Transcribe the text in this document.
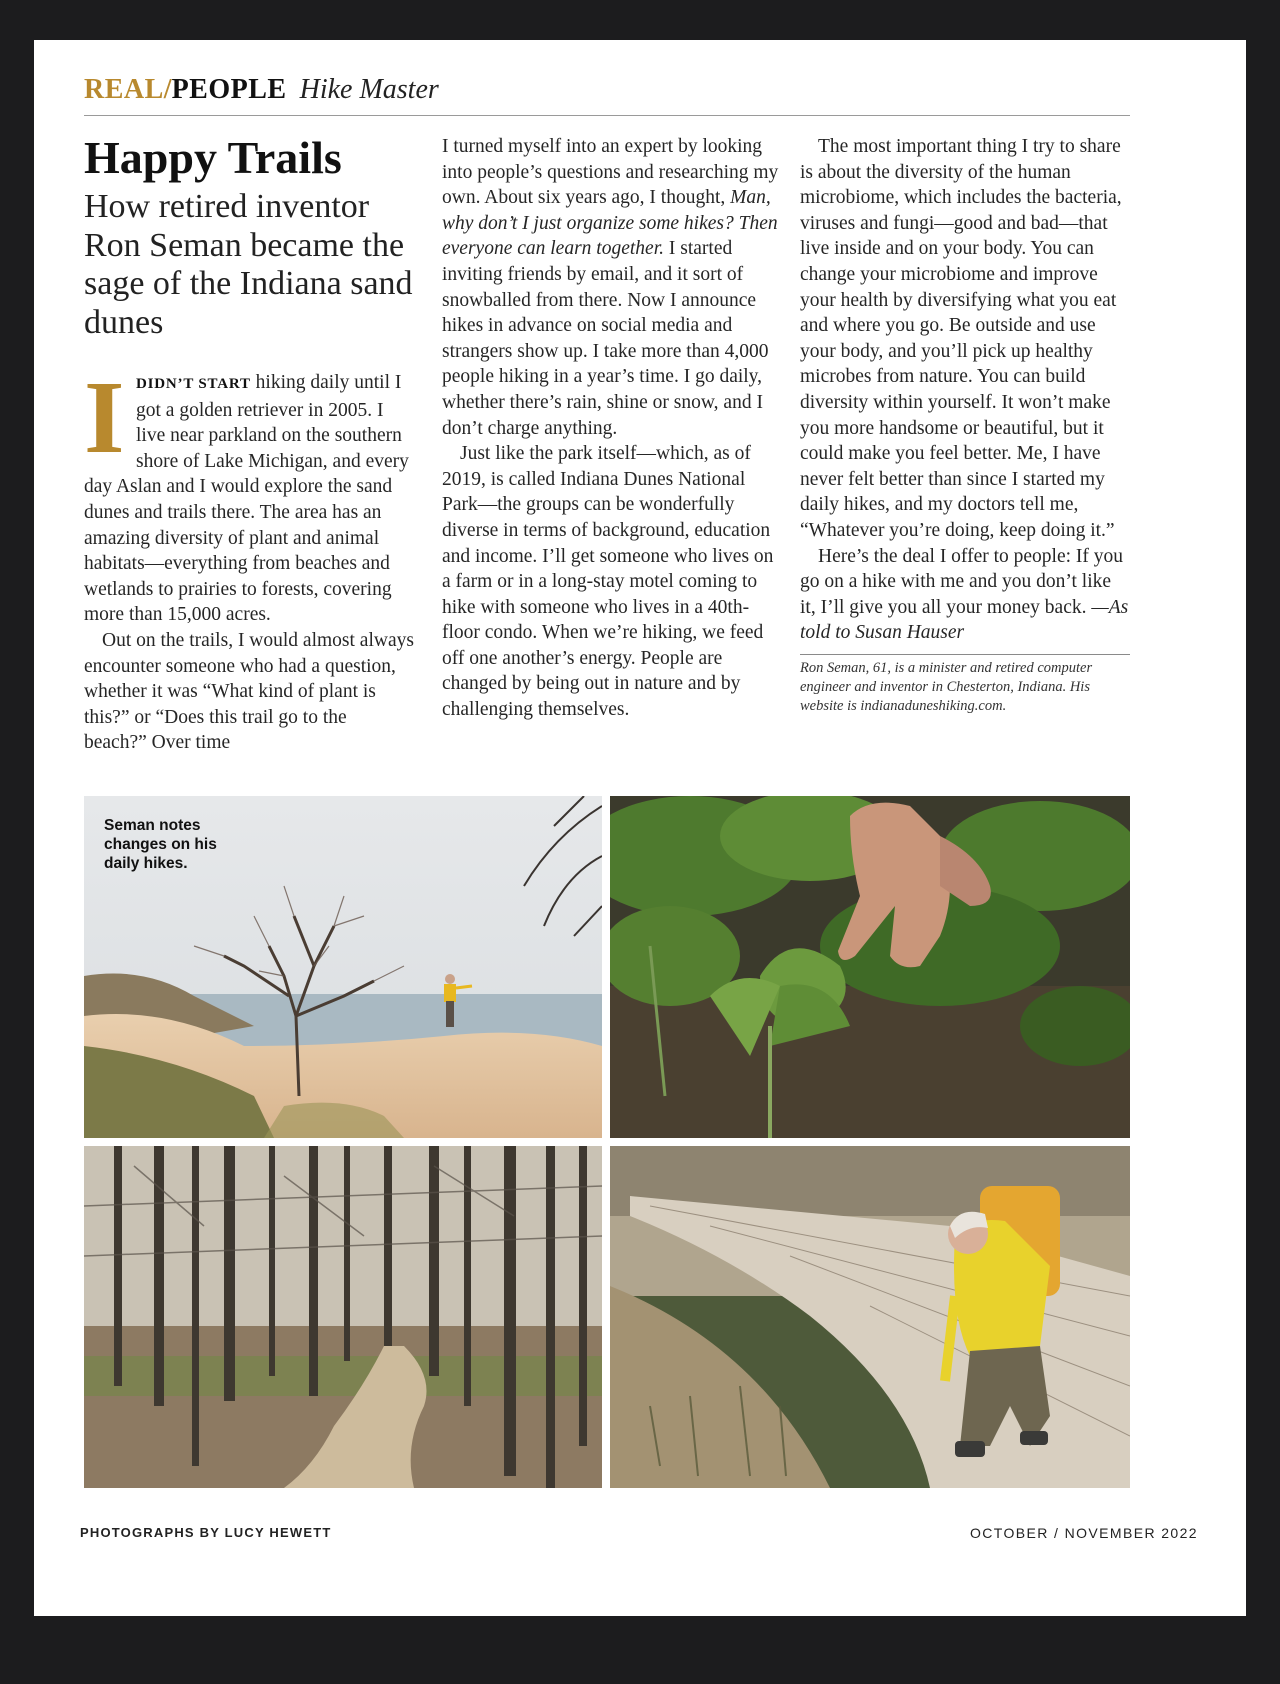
REAL/PEOPLE Hike Master
Happy Trails
How retired inventor Ron Seman became the sage of the Indiana sand dunes

IDIDN’T START hiking daily until I got a golden retriever in 2005. I live near parkland on the southern shore of Lake Michigan, and every day Aslan and I would explore the sand dunes and trails there. The area has an amazing diversity of plant and animal habitats—everything from beaches and wetlands to prairies to forests, covering more than 15,000 acres.

Out on the trails, I would almost always encounter someone who had a question, whether it was “What kind of plant is this?” or “Does this trail go to the beach?” Over time

I turned myself into an expert by looking into people’s questions and researching my own. About six years ago, I thought, Man, why don’t I just organize some hikes? Then everyone can learn together. I started inviting friends by email, and it sort of snowballed from there. Now I announce hikes in advance on social media and strangers show up. I take more than 4,000 people hiking in a year’s time. I go daily, whether there’s rain, shine or snow, and I don’t charge anything.

Just like the park itself—which, as of 2019, is called Indiana Dunes National Park—the groups can be wonderfully diverse in terms of background, education and income. I’ll get someone who lives on a farm or in a long-stay motel coming to hike with someone who lives in a 40th-floor condo. When we’re hiking, we feed off one another’s energy. People are changed by being out in nature and by challenging themselves.

The most important thing I try to share is about the diversity of the human microbiome, which includes the bacteria, viruses and fungi—good and bad—that live inside and on your body. You can change your microbiome and improve your health by diversifying what you eat and where you go. Be outside and use your body, and you’ll pick up healthy microbes from nature. You can build diversity within yourself. It won’t make you more handsome or beautiful, but it could make you feel better. Me, I have never felt better than since I started my daily hikes, and my doctors tell me, “Whatever you’re doing, keep doing it.”

Here’s the deal I offer to people: If you go on a hike with me and you don’t like it, I’ll give you all your money back. —As told to Susan Hauser

Ron Seman, 61, is a minister and retired computer engineer and inventor in Chesterton, Indiana. His website is indianaduneshiking.com.
Seman notes changes on his daily hikes.
PHOTOGRAPHS BY LUCY HEWETT	OCTOBER / NOVEMBER 2022
